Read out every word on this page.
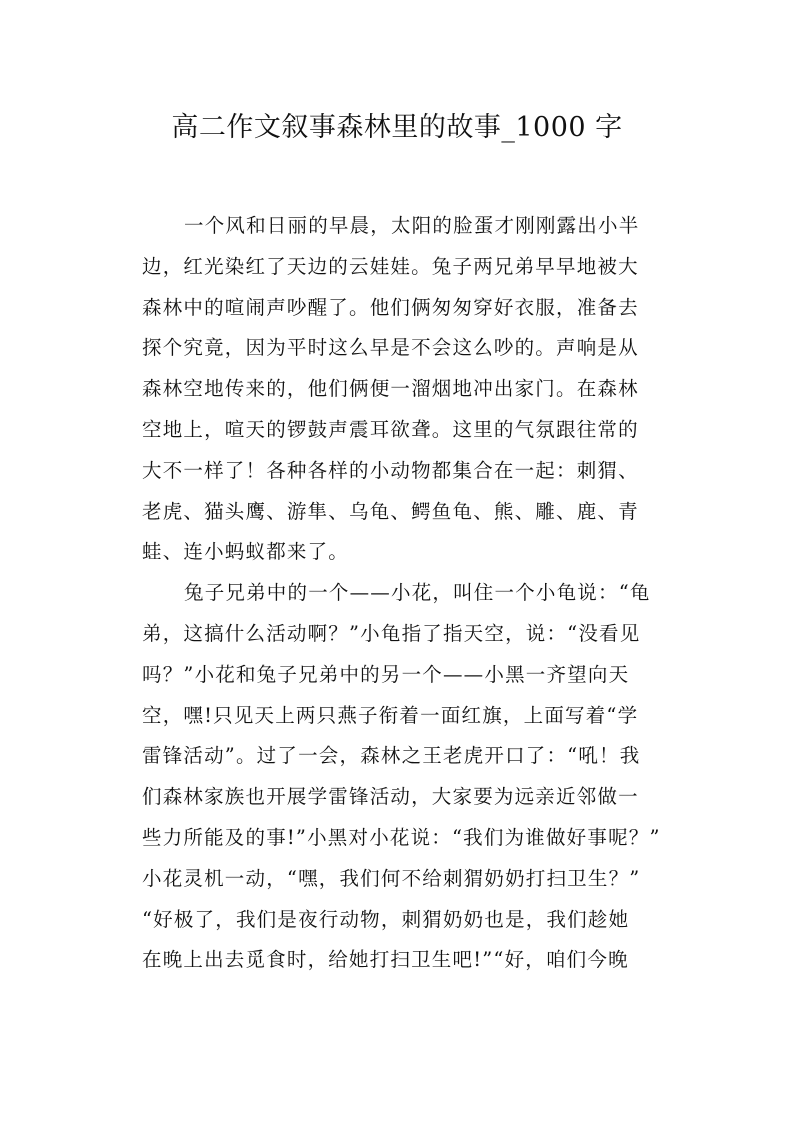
高二作文叙事森林里的故事_1000 字
一个风和日丽的早晨，太阳的脸蛋才刚刚露出小半
边，红光染红了天边的云娃娃。兔子两兄弟早早地被大
森林中的喧闹声吵醒了。他们俩匆匆穿好衣服，准备去
探个究竟，因为平时这么早是不会这么吵的。声响是从
森林空地传来的，他们俩便一溜烟地冲出家门。在森林
空地上，喧天的锣鼓声震耳欲聋。这里的气氛跟往常的
大不一样了！各种各样的小动物都集合在一起：刺猬、
老虎、猫头鹰、游隼、乌龟、鳄鱼龟、熊、雕、鹿、青
蛙、连小蚂蚁都来了。
兔子兄弟中的一个——小花，叫住一个小龟说：“龟
弟，这搞什么活动啊？”小龟指了指天空，说：“没看见
吗？”小花和兔子兄弟中的另一个——小黑一齐望向天
空，嘿!只见天上两只燕子衔着一面红旗，上面写着“学
雷锋活动”。过了一会，森林之王老虎开口了：“吼！我
们森林家族也开展学雷锋活动，大家要为远亲近邻做一
些力所能及的事!”小黑对小花说：“我们为谁做好事呢？”
小花灵机一动，“嘿，我们何不给刺猬奶奶打扫卫生？”
“好极了，我们是夜行动物，刺猬奶奶也是，我们趁她
在晚上出去觅食时，给她打扫卫生吧!”“好，咱们今晚
